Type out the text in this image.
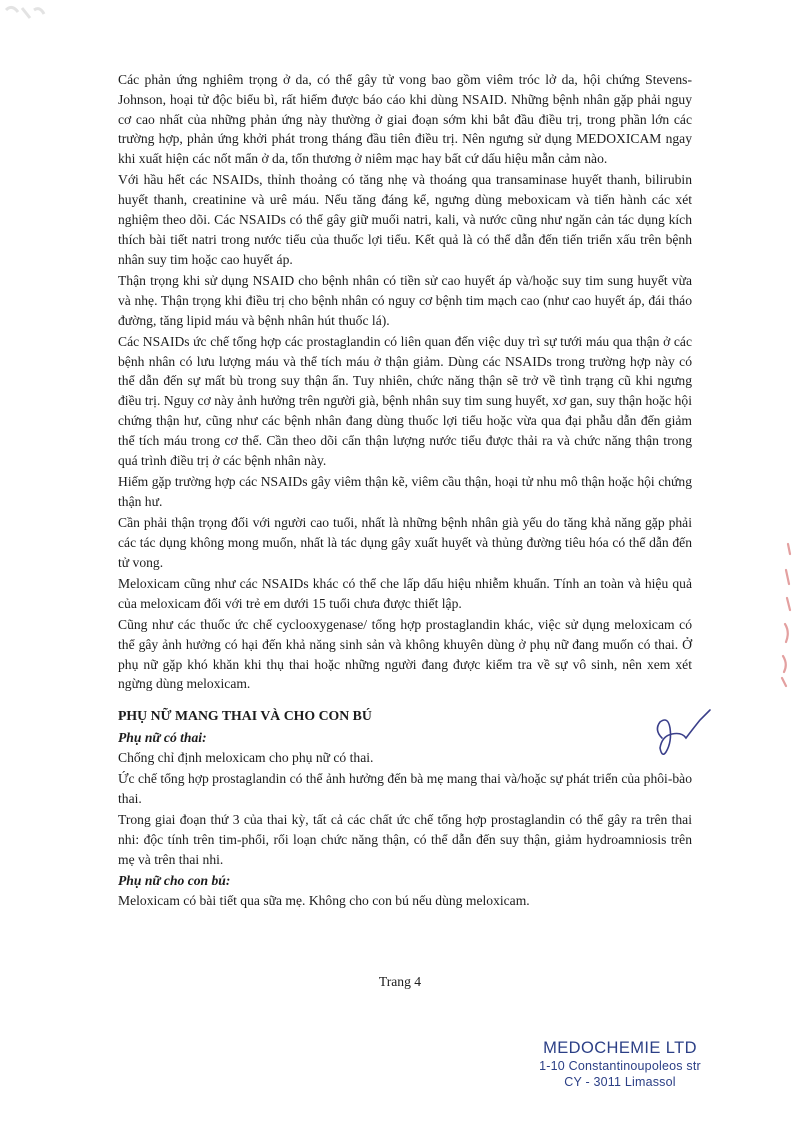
Các phản ứng nghiêm trọng ở da, có thể gây tử vong bao gồm viêm tróc lở da, hội chứng Stevens-Johnson, hoại tử độc biểu bì, rất hiếm được báo cáo khi dùng NSAID. Những bệnh nhân gặp phải nguy cơ cao nhất của những phản ứng này thường ở giai đoạn sớm khi bắt đầu điều trị, trong phần lớn các trường hợp, phản ứng khởi phát trong tháng đầu tiên điều trị. Nên ngưng sử dụng MEDOXICAM ngay khi xuất hiện các nốt mẩn ở da, tổn thương ở niêm mạc hay bất cứ dấu hiệu mẫn cảm nào.

Với hầu hết các NSAIDs, thỉnh thoảng có tăng nhẹ và thoáng qua transaminase huyết thanh, bilirubin huyết thanh, creatinine và urê máu. Nếu tăng đáng kể, ngưng dùng meboxicam và tiến hành các xét nghiệm theo dõi. Các NSAIDs có thể gây giữ muối natri, kali, và nước cũng như ngăn cản tác dụng kích thích bài tiết natri trong nước tiểu của thuốc lợi tiểu. Kết quả là có thể dẫn đến tiến triển xấu trên bệnh nhân suy tim hoặc cao huyết áp.

Thận trọng khi sử dụng NSAID cho bệnh nhân có tiền sử cao huyết áp và/hoặc suy tim sung huyết vừa và nhẹ. Thận trọng khi điều trị cho bệnh nhân có nguy cơ bệnh tim mạch cao (như cao huyết áp, đái tháo đường, tăng lipid máu và bệnh nhân hút thuốc lá).

Các NSAIDs ức chế tổng hợp các prostaglandin có liên quan đến việc duy trì sự tưới máu qua thận ở các bệnh nhân có lưu lượng máu và thể tích máu ở thận giảm. Dùng các NSAIDs trong trường hợp này có thể dẫn đến sự mất bù trong suy thận ẩn. Tuy nhiên, chức năng thận sẽ trở về tình trạng cũ khi ngưng điều trị. Nguy cơ này ảnh hưởng trên người già, bệnh nhân suy tim sung huyết, xơ gan, suy thận hoặc hội chứng thận hư, cũng như các bệnh nhân đang dùng thuốc lợi tiểu hoặc vừa qua đại phẫu dẫn đến giảm thể tích máu trong cơ thể. Cần theo dõi cẩn thận lượng nước tiểu được thải ra và chức năng thận trong quá trình điều trị ở các bệnh nhân này.

Hiếm gặp trường hợp các NSAIDs gây viêm thận kẽ, viêm cầu thận, hoại tử nhu mô thận hoặc hội chứng thận hư.

Cần phải thận trọng đối với người cao tuổi, nhất là những bệnh nhân già yếu do tăng khả năng gặp phải các tác dụng không mong muốn, nhất là tác dụng gây xuất huyết và thủng đường tiêu hóa có thể dẫn đến tử vong.

Meloxicam cũng như các NSAIDs khác có thể che lấp dấu hiệu nhiễm khuẩn. Tính an toàn và hiệu quả của meloxicam đối với trẻ em dưới 15 tuổi chưa được thiết lập.

Cũng như các thuốc ức chế cyclooxygenase/ tổng hợp prostaglandin khác, việc sử dụng meloxicam có thể gây ảnh hưởng có hại đến khả năng sinh sản và không khuyên dùng ở phụ nữ đang muốn có thai. Ở phụ nữ gặp khó khăn khi thụ thai hoặc những người đang được kiểm tra về sự vô sinh, nên xem xét ngừng dùng meloxicam.

PHỤ NỮ MANG THAI VÀ CHO CON BÚ

Phụ nữ có thai:

Chống chỉ định meloxicam cho phụ nữ có thai.

Ức chế tổng hợp prostaglandin có thể ảnh hưởng đến bà mẹ mang thai và/hoặc sự phát triển của phôi-bào thai.

Trong giai đoạn thứ 3 của thai kỳ, tất cả các chất ức chế tổng hợp prostaglandin có thể gây ra trên thai nhi: độc tính trên tim-phổi, rối loạn chức năng thận, có thể dẫn đến suy thận, giảm hydroamniosis trên mẹ và trên thai nhi.

Phụ nữ cho con bú:

Meloxicam có bài tiết qua sữa mẹ. Không cho con bú nếu dùng meloxicam.

Trang 4
MEDOCHEMIE LTD
1-10 Constantinoupoleos str
CY - 3011 Limassol
